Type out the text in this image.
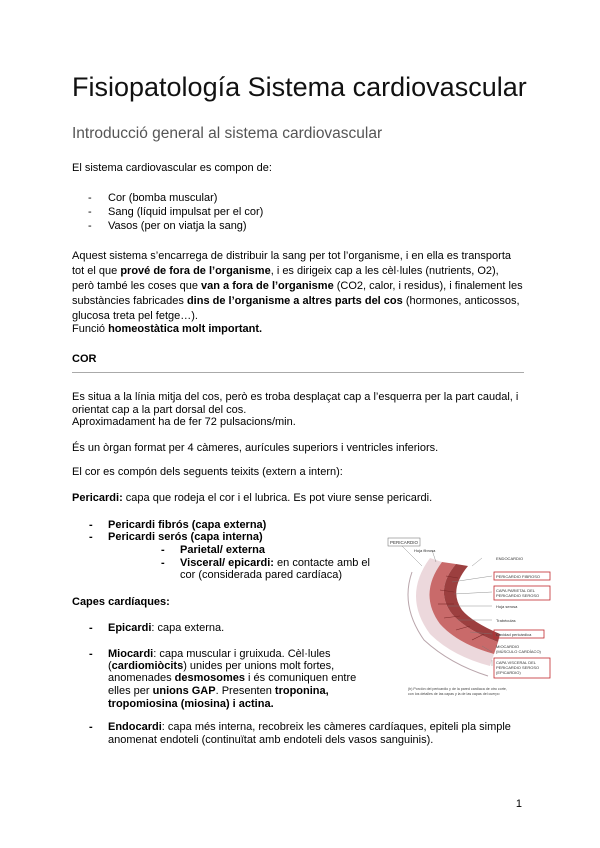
Fisiopatología Sistema cardiovascular
Introducció general al sistema cardiovascular
El sistema cardiovascular es compon de:
- Cor (bomba muscular)
- Sang (líquid impulsat per el cor)
- Vasos (per on viatja la sang)
Aquest sistema s’encarrega de distribuir la sang per tot l’organisme, i en ella es transporta
tot el que prové de fora de l’organisme, i es dirigeix cap a les cèl·lules (nutrients, O2),
però també les coses que van a fora de l’organisme (CO2, calor, i residus), i finalement les
substàncies fabricades dins de l’organisme a altres parts del cos (hormones, anticossos,
glucosa treta pel fetge…).
Funció homeostàtica molt important.
COR
Es situa a la línia mitja del cos, però es troba desplaçat cap a l’esquerra per la part caudal, i
orientat cap a la part dorsal del cos.
Aproximadament ha de fer 72 pulsacions/min.
És un òrgan format per 4 càmeres, aurícules superiors i ventricles inferiors.
El cor es compón dels seguents teixits (extern a intern):
Pericardi: capa que rodeja el cor i el lubrica. Es pot viure sense pericardi.
- Pericardi fibrós (capa externa)
- Pericardi serós (capa interna)
- Parietal/ externa
- Visceral/ epicardi: en contacte amb el
cor (considerada pared cardíaca)
Capes cardíaques:
- Epicardi: capa externa.
- Miocardi: capa muscular i gruixuda. Cèl·lules
(cardiomiòcits) unides per unions molt fortes,
anomenades desmosomes i és comuniquen entre
elles per unions GAP. Presenten troponina,
tropomiosina (miosina) i actina.
- Endocardi: capa més interna, recobreix les càmeres cardíaques, epiteli pla simple
anomenat endoteli (continuïtat amb endoteli dels vasos sanguinis).
PERICARDIO
Hoja fibrosa
ENDOCARDIO
PERICARDIO FIBROSO
CAPA PARIETAL DEL
PERICARDIO SEROSO
Hoja serosa
Trabéculas
Cavidad pericárdica
MIOCARDIO
(MÚSCULO CARDÍACO)
CAPA VISCERAL DEL
PERICARDIO SEROSO
(EPICARDIO)
(b) Porción del pericardio y de la pared cardíaca de otro corte,
con los detalles de las capas y la de las capas del cuerpo
1
